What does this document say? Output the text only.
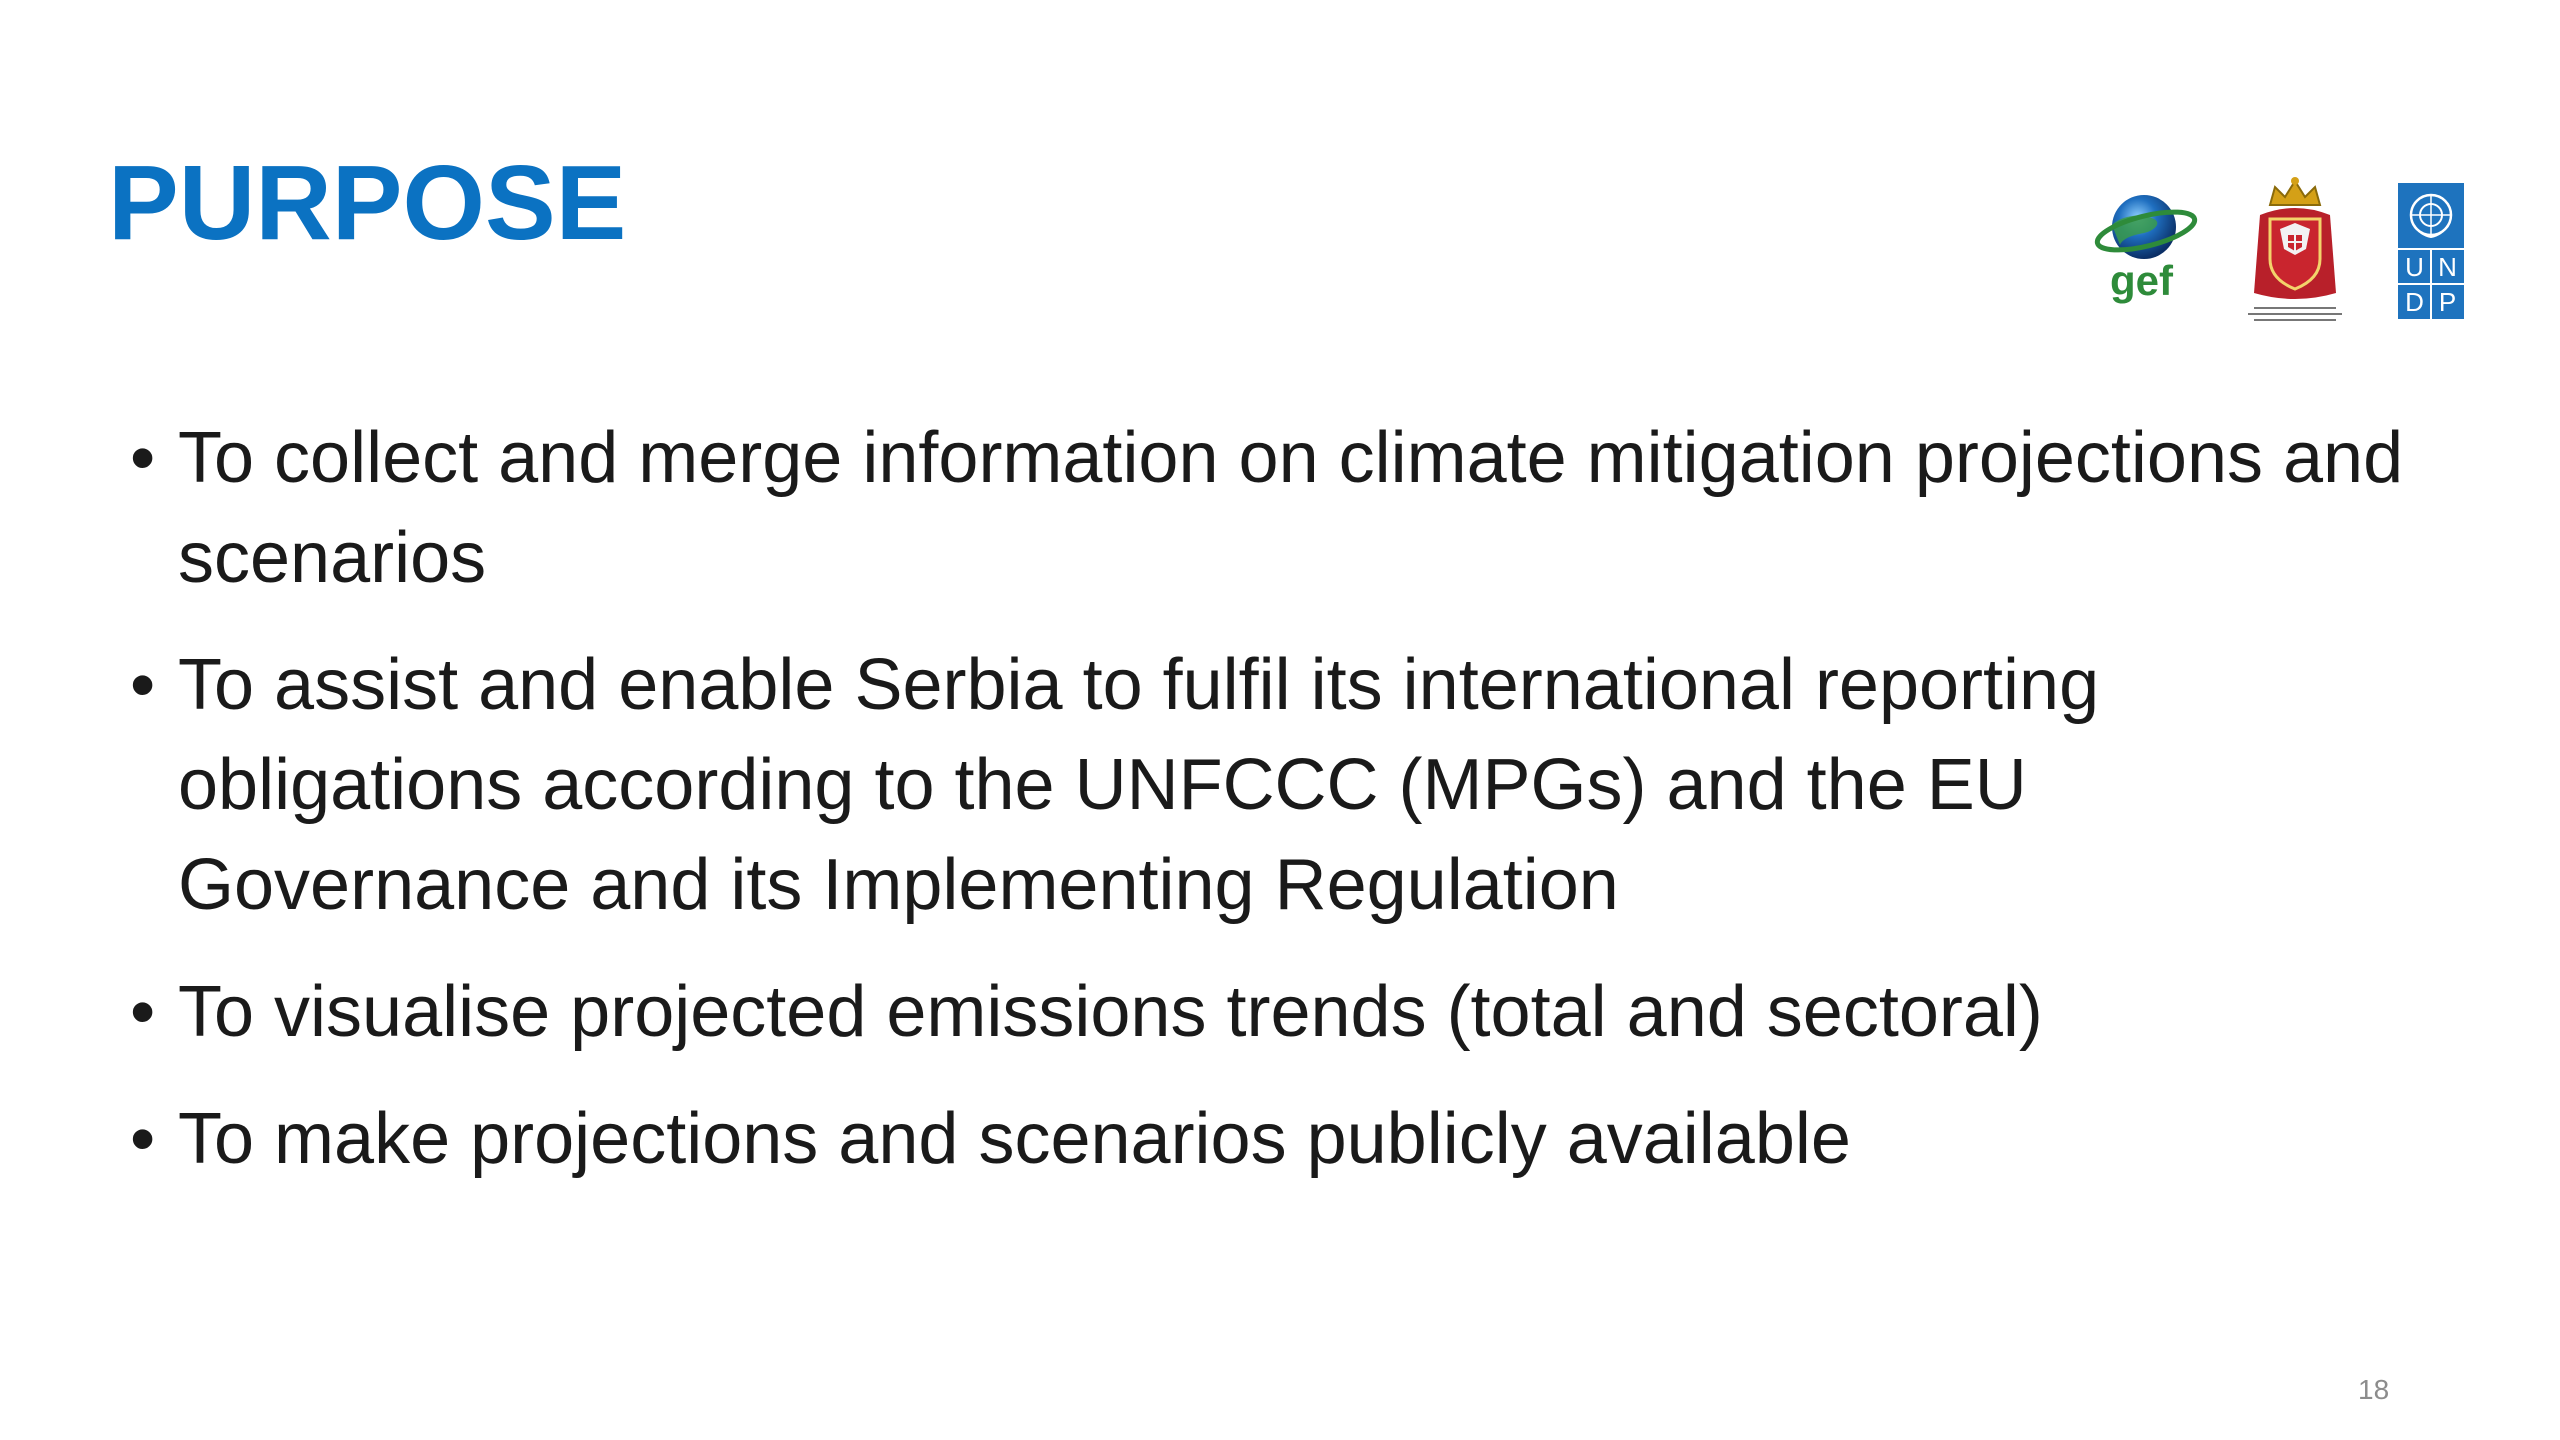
PURPOSE
gef	U N
D P
• To collect and merge information on climate mitigation projections and scenarios
• To assist and enable Serbia to fulfil its international reporting obligations according to the UNFCCC (MPGs) and the EU Governance and its Implementing Regulation
• To visualise projected emissions trends (total and sectoral)
• To make projections and scenarios publicly available
18
